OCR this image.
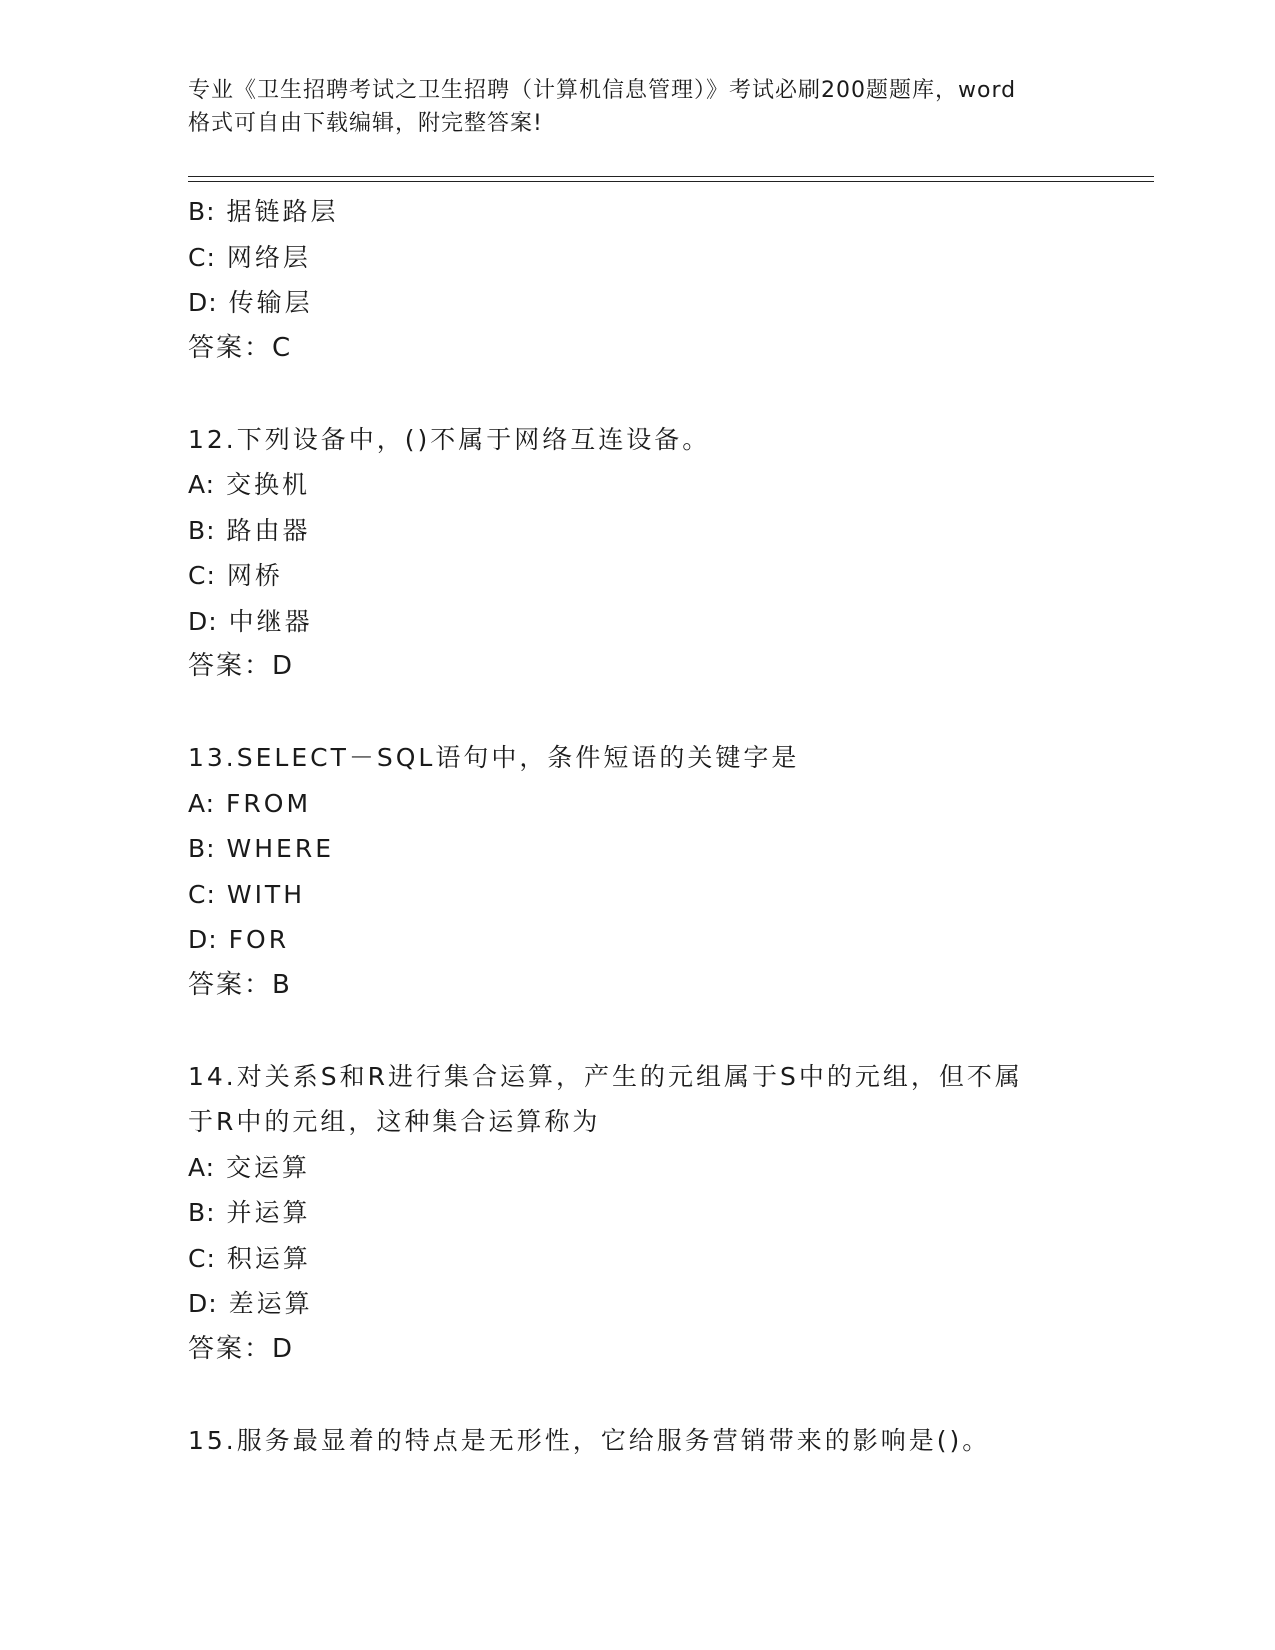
专业《卫生招聘考试之卫生招聘（计算机信息管理）》考试必刷200题题库，word
格式可自由下载编辑，附完整答案!
B: 据链路层
C: 网络层
D: 传输层
答案：C
12.下列设备中，()不属于网络互连设备。
A: 交换机
B: 路由器
C: 网桥
D: 中继器
答案：D
13.SELECT－SQL语句中，条件短语的关键字是
A: FROM
B: WHERE
C: WITH
D: FOR
答案：B
14.对关系S和R进行集合运算，产生的元组属于S中的元组，但不属
于R中的元组，这种集合运算称为
A: 交运算
B: 并运算
C: 积运算
D: 差运算
答案：D
15.服务最显着的特点是无形性，它给服务营销带来的影响是()。
